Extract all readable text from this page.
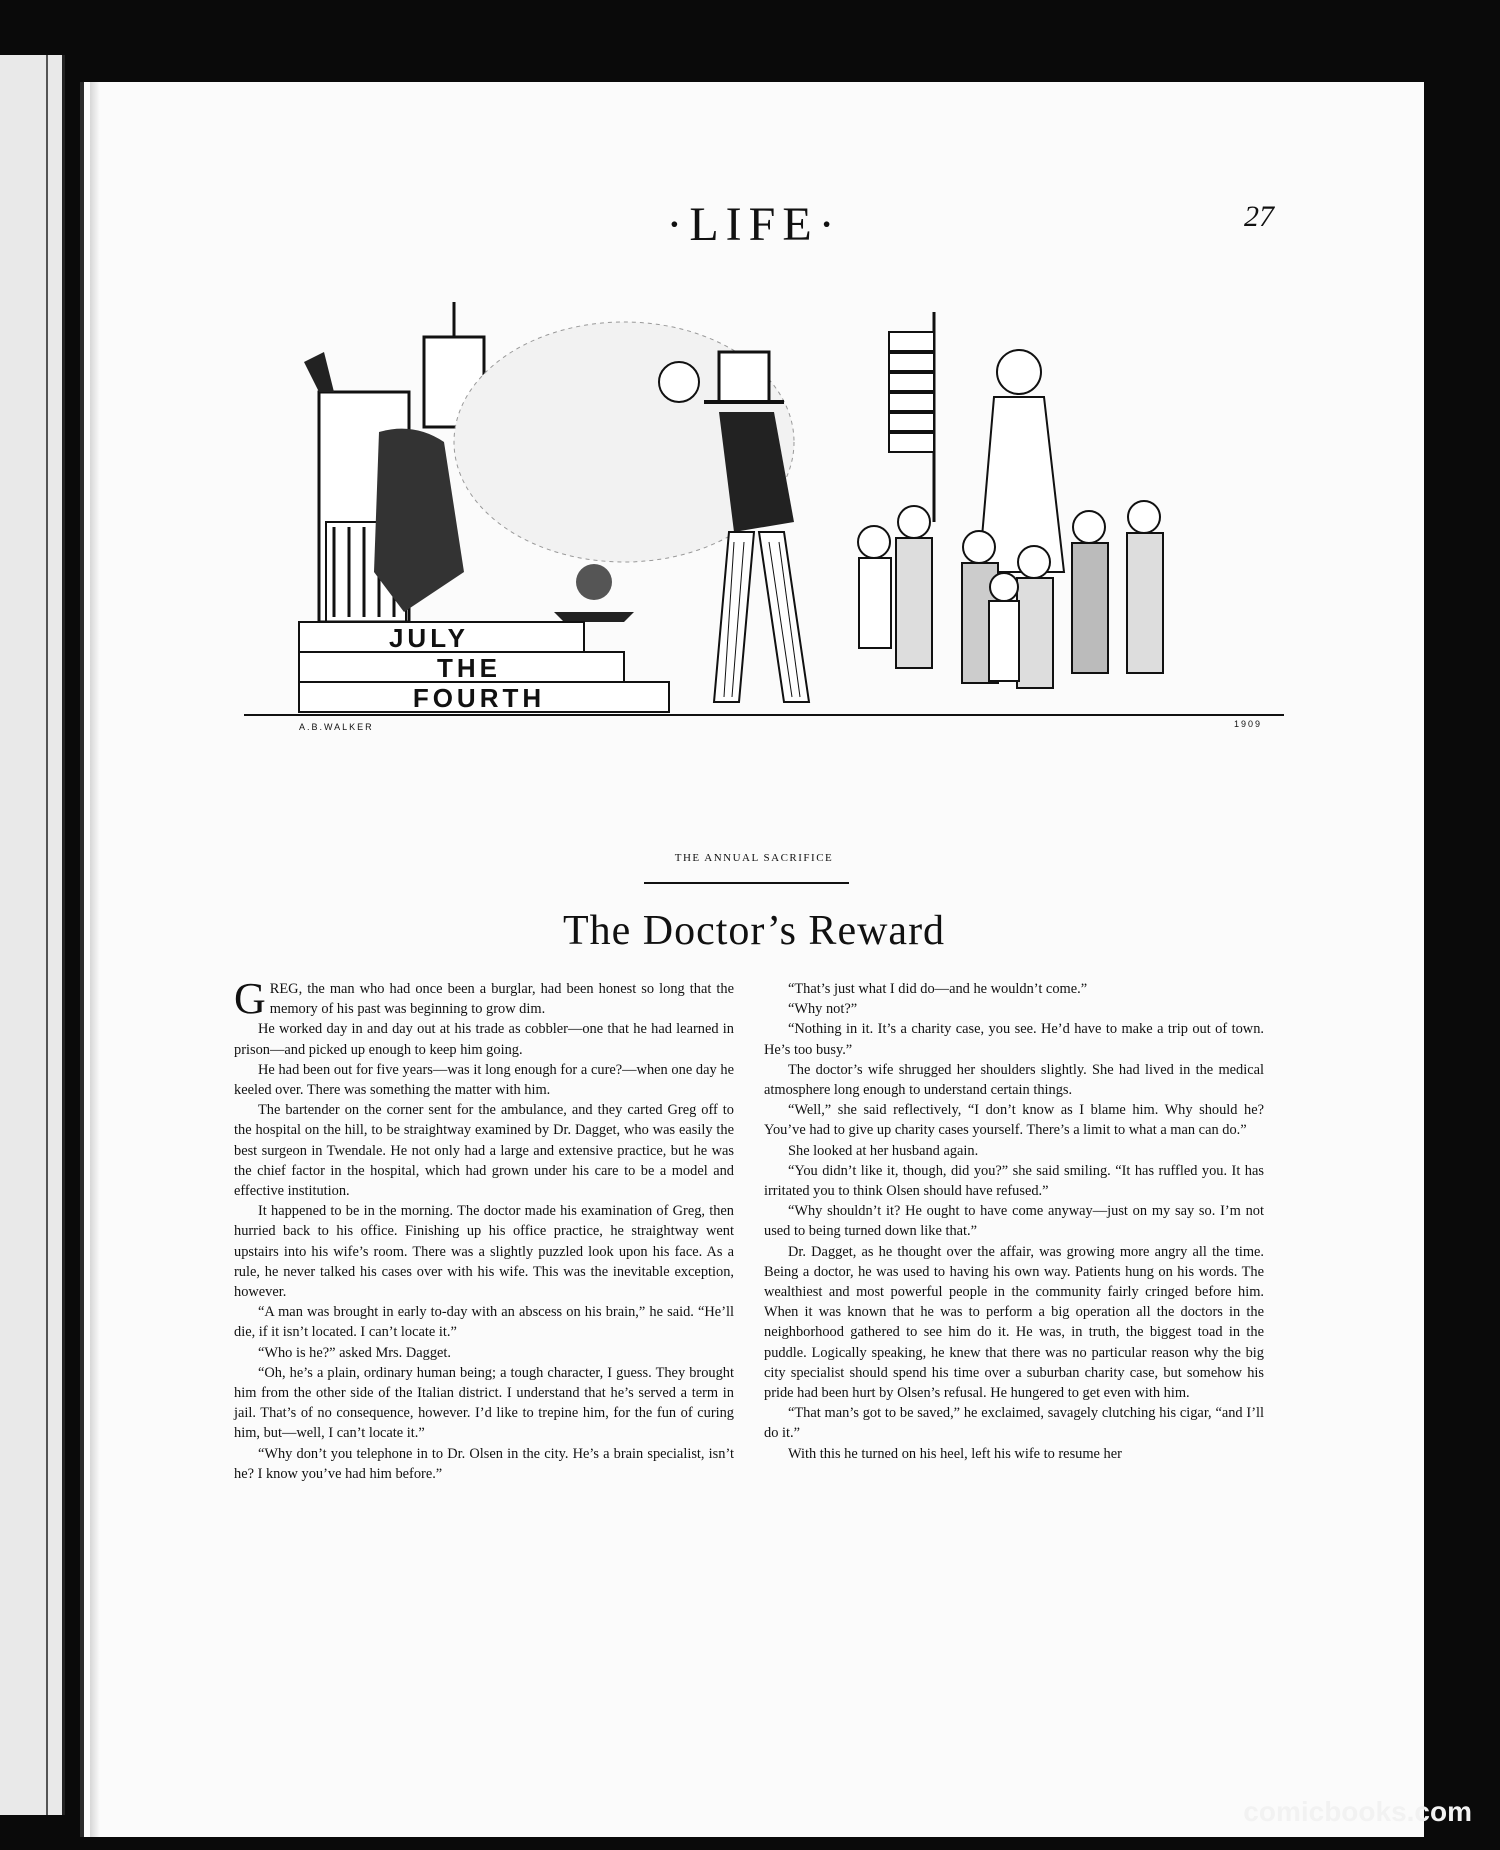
·LIFE·	27
JULY
THE
FOURTH
A.B.WALKER	1909
THE ANNUAL SACRIFICE
The Doctor’s Reward

GREG, the man who had once been a burglar, had been honest so long that the memory of his past was beginning to grow dim.

He worked day in and day out at his trade as cobbler—one that he had learned in prison—and picked up enough to keep him going.

He had been out for five years—was it long enough for a cure?—when one day he keeled over. There was something the matter with him.

The bartender on the corner sent for the ambulance, and they carted Greg off to the hospital on the hill, to be straightway examined by Dr. Dagget, who was easily the best surgeon in Twendale. He not only had a large and extensive practice, but he was the chief factor in the hospital, which had grown under his care to be a model and effective institution.

It happened to be in the morning. The doctor made his examination of Greg, then hurried back to his office. Finishing up his office practice, he straightway went upstairs into his wife’s room. There was a slightly puzzled look upon his face. As a rule, he never talked his cases over with his wife. This was the inevitable exception, however.

“A man was brought in early to-day with an abscess on his brain,” he said. “He’ll die, if it isn’t located. I can’t locate it.”

“Who is he?” asked Mrs. Dagget.

“Oh, he’s a plain, ordinary human being; a tough character, I guess. They brought him from the other side of the Italian district. I understand that he’s served a term in jail. That’s of no consequence, however. I’d like to trepine him, for the fun of curing him, but—well, I can’t locate it.”

“Why don’t you telephone in to Dr. Olsen in the city. He’s a brain specialist, isn’t he? I know you’ve had him before.”

“That’s just what I did do—and he wouldn’t come.”

“Why not?”

“Nothing in it. It’s a charity case, you see. He’d have to make a trip out of town. He’s too busy.”

The doctor’s wife shrugged her shoulders slightly. She had lived in the medical atmosphere long enough to understand certain things.

“Well,” she said reflectively, “I don’t know as I blame him. Why should he? You’ve had to give up charity cases yourself. There’s a limit to what a man can do.”

She looked at her husband again.

“You didn’t like it, though, did you?” she said smiling. “It has ruffled you. It has irritated you to think Olsen should have refused.”

“Why shouldn’t it? He ought to have come anyway—just on my say so. I’m not used to being turned down like that.”

Dr. Dagget, as he thought over the affair, was growing more angry all the time. Being a doctor, he was used to having his own way. Patients hung on his words. The wealthiest and most powerful people in the community fairly cringed before him. When it was known that he was to perform a big operation all the doctors in the neighborhood gathered to see him do it. He was, in truth, the biggest toad in the puddle. Logically speaking, he knew that there was no particular reason why the big city specialist should spend his time over a suburban charity case, but somehow his pride had been hurt by Olsen’s refusal. He hungered to get even with him.

“That man’s got to be saved,” he exclaimed, savagely clutching his cigar, “and I’ll do it.”

With this he turned on his heel, left his wife to resume her

comicbooks.com
